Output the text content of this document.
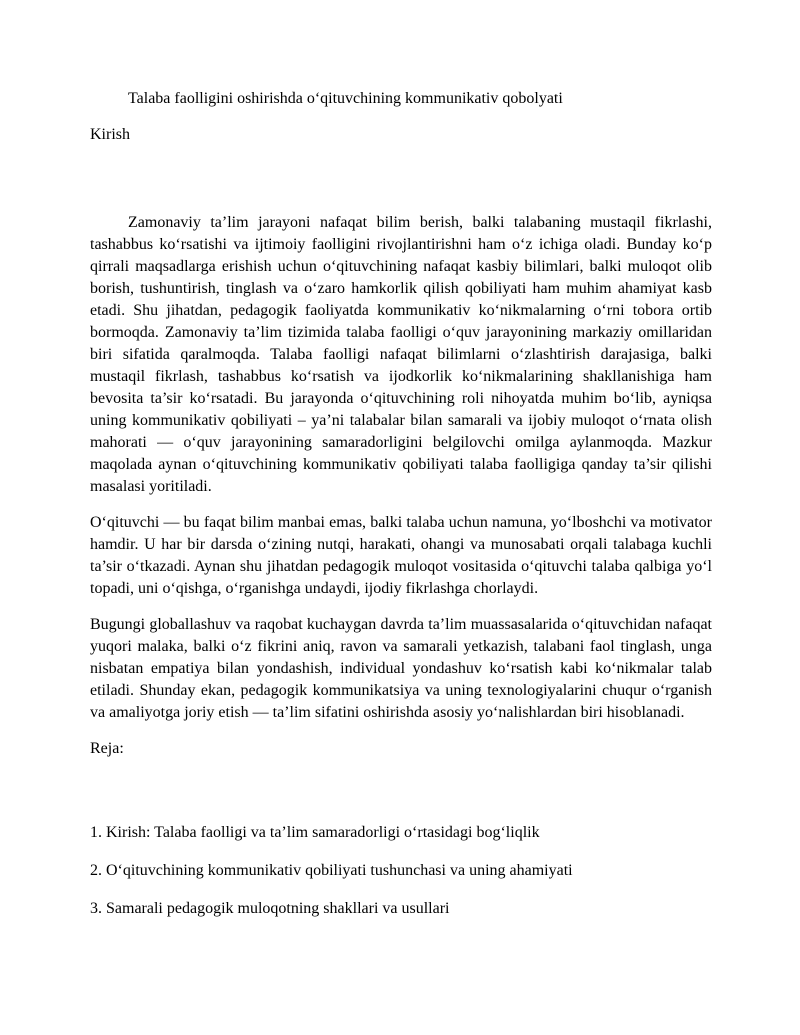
Talaba faolligini oshirishda oʻqituvchining kommunikativ qobolyati

Kirish

Zamonaviy ta’lim jarayoni nafaqat bilim berish, balki talabaning mustaqil fikrlashi, tashabbus koʻrsatishi va ijtimoiy faolligini rivojlantirishni ham oʻz ichiga oladi. Bunday koʻp qirrali maqsadlarga erishish uchun oʻqituvchining nafaqat kasbiy bilimlari, balki muloqot olib borish, tushuntirish, tinglash va oʻzaro hamkorlik qilish qobiliyati ham muhim ahamiyat kasb etadi. Shu jihatdan, pedagogik faoliyatda kommunikativ koʻnikmalarning oʻrni tobora ortib bormoqda. Zamonaviy ta’lim tizimida talaba faolligi oʻquv jarayonining markaziy omillaridan biri sifatida qaralmoqda. Talaba faolligi nafaqat bilimlarni oʻzlashtirish darajasiga, balki mustaqil fikrlash, tashabbus koʻrsatish va ijodkorlik koʻnikmalarining shakllanishiga ham bevosita ta’sir koʻrsatadi. Bu jarayonda oʻqituvchining roli nihoyatda muhim boʻlib, ayniqsa uning kommunikativ qobiliyati – ya’ni talabalar bilan samarali va ijobiy muloqot oʻrnata olish mahorati — oʻquv jarayonining samaradorligini belgilovchi omilga aylanmoqda. Mazkur maqolada aynan oʻqituvchining kommunikativ qobiliyati talaba faolligiga qanday ta’sir qilishi masalasi yoritiladi.

Oʻqituvchi — bu faqat bilim manbai emas, balki talaba uchun namuna, yoʻlboshchi va motivator hamdir. U har bir darsda oʻzining nutqi, harakati, ohangi va munosabati orqali talabaga kuchli ta’sir oʻtkazadi. Aynan shu jihatdan pedagogik muloqot vositasida oʻqituvchi talaba qalbiga yoʻl topadi, uni oʻqishga, oʻrganishga undaydi, ijodiy fikrlashga chorlaydi.

Bugungi globallashuv va raqobat kuchaygan davrda ta’lim muassasalarida oʻqituvchidan nafaqat yuqori malaka, balki oʻz fikrini aniq, ravon va samarali yetkazish, talabani faol tinglash, unga nisbatan empatiya bilan yondashish, individual yondashuv koʻrsatish kabi koʻnikmalar talab etiladi. Shunday ekan, pedagogik kommunikatsiya va uning texnologiyalarini chuqur oʻrganish va amaliyotga joriy etish — ta’lim sifatini oshirishda asosiy yoʻnalishlardan biri hisoblanadi.

Reja:

1. Kirish: Talaba faolligi va ta’lim samaradorligi oʻrtasidagi bogʻliqlik

2. Oʻqituvchining kommunikativ qobiliyati tushunchasi va uning ahamiyati

3. Samarali pedagogik muloqotning shakllari va usullari
